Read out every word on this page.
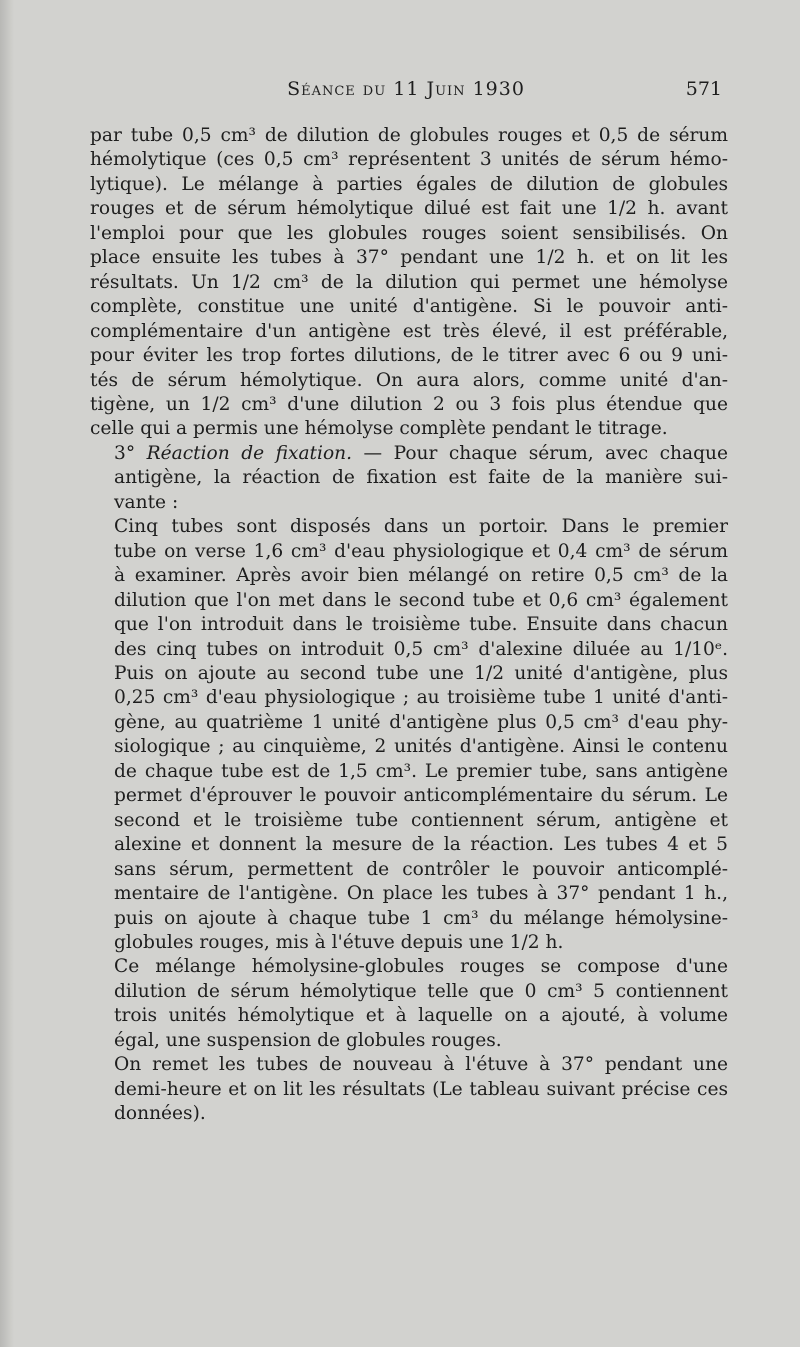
Séance du 11 Juin 1930	571
par tube 0,5 cm³ de dilution de globules rouges et 0,5 de sérum
hémolytique (ces 0,5 cm³ représentent 3 unités de sérum hémo-
lytique). Le mélange à parties égales de dilution de globules
rouges et de sérum hémolytique dilué est fait une 1/2 h. avant
l'emploi pour que les globules rouges soient sensibilisés. On
place ensuite les tubes à 37° pendant une 1/2 h. et on lit les
résultats. Un 1/2 cm³ de la dilution qui permet une hémolyse
complète, constitue une unité d'antigène. Si le pouvoir anti-
complémentaire d'un antigène est très élevé, il est préférable,
pour éviter les trop fortes dilutions, de le titrer avec 6 ou 9 uni-
tés de sérum hémolytique. On aura alors, comme unité d'an-
tigène, un 1/2 cm³ d'une dilution 2 ou 3 fois plus étendue que
celle qui a permis une hémolyse complète pendant le titrage.
3° Réaction de fixation. — Pour chaque sérum, avec chaque
antigène, la réaction de fixation est faite de la manière sui-
vante :
Cinq tubes sont disposés dans un portoir. Dans le premier
tube on verse 1,6 cm³ d'eau physiologique et 0,4 cm³ de sérum
à examiner. Après avoir bien mélangé on retire 0,5 cm³ de la
dilution que l'on met dans le second tube et 0,6 cm³ également
que l'on introduit dans le troisième tube. Ensuite dans chacun
des cinq tubes on introduit 0,5 cm³ d'alexine diluée au 1/10ᵉ.
Puis on ajoute au second tube une 1/2 unité d'antigène, plus
0,25 cm³ d'eau physiologique ; au troisième tube 1 unité d'anti-
gène, au quatrième 1 unité d'antigène plus 0,5 cm³ d'eau phy-
siologique ; au cinquième, 2 unités d'antigène. Ainsi le contenu
de chaque tube est de 1,5 cm³. Le premier tube, sans antigène
permet d'éprouver le pouvoir anticomplémentaire du sérum. Le
second et le troisième tube contiennent sérum, antigène et
alexine et donnent la mesure de la réaction. Les tubes 4 et 5
sans sérum, permettent de contrôler le pouvoir anticomplé-
mentaire de l'antigène. On place les tubes à 37° pendant 1 h.,
puis on ajoute à chaque tube 1 cm³ du mélange hémolysine-
globules rouges, mis à l'étuve depuis une 1/2 h.
Ce mélange hémolysine-globules rouges se compose d'une
dilution de sérum hémolytique telle que 0 cm³ 5 contiennent
trois unités hémolytique et à laquelle on a ajouté, à volume
égal, une suspension de globules rouges.
On remet les tubes de nouveau à l'étuve à 37° pendant une
demi-heure et on lit les résultats (Le tableau suivant précise ces
données).
